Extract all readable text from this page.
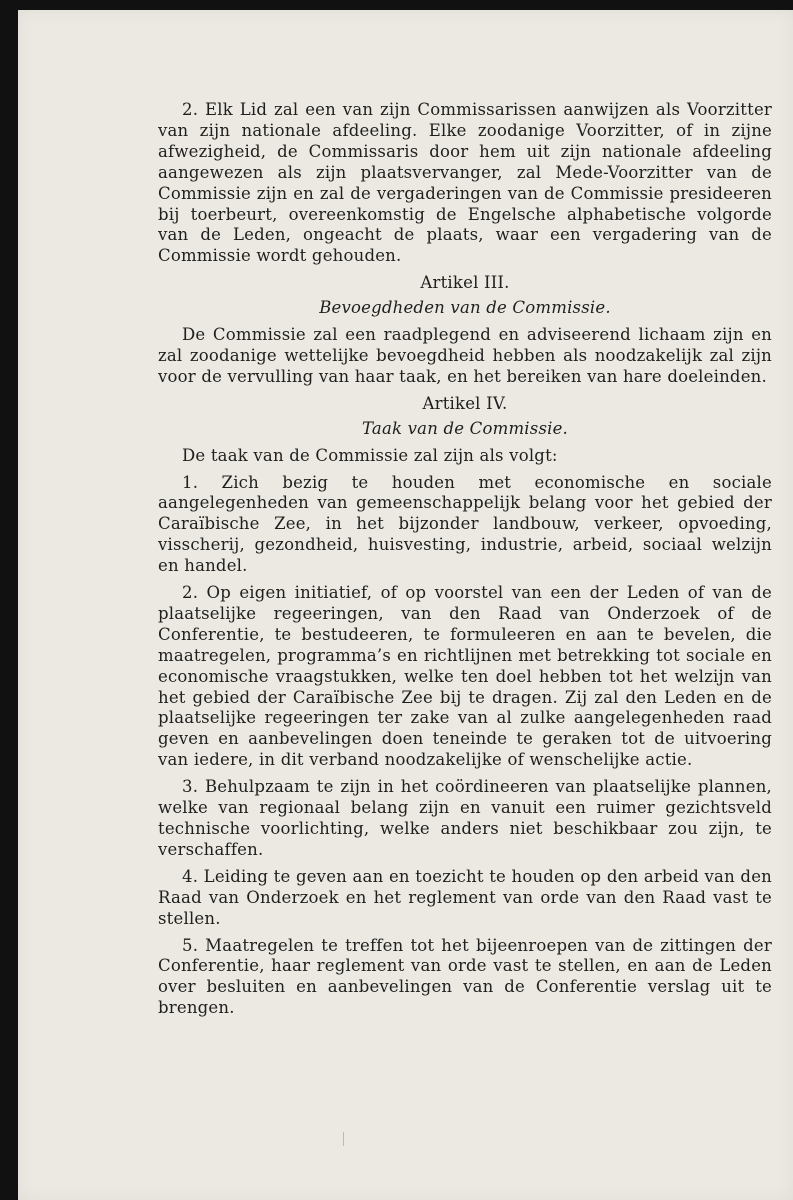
2. Elk Lid zal een van zijn Commissarissen aanwijzen als Voorzitter van zijn nationale afdeeling. Elke zoodanige Voorzitter, of in zijne afwezigheid, de Commissaris door hem uit zijn nationale afdeeling aangewezen als zijn plaatsvervanger, zal Mede-Voorzitter van de Commissie zijn en zal de vergaderingen van de Commissie presideeren bij toerbeurt, overeenkomstig de Engelsche alphabetische volgorde van de Leden, ongeacht de plaats, waar een vergadering van de Commissie wordt gehouden.

Artikel III.

Bevoegdheden van de Commissie.

De Commissie zal een raadplegend en adviseerend lichaam zijn en zal zoodanige wettelijke bevoegdheid hebben als noodzakelijk zal zijn voor de vervulling van haar taak, en het bereiken van hare doeleinden.

Artikel IV.

Taak van de Commissie.

De taak van de Commissie zal zijn als volgt:

1. Zich bezig te houden met economische en sociale aangelegenheden van gemeenschappelijk belang voor het gebied der Caraïbische Zee, in het bijzonder landbouw, verkeer, opvoeding, visscherij, gezondheid, huisvesting, industrie, arbeid, sociaal welzijn en handel.

2. Op eigen initiatief, of op voorstel van een der Leden of van de plaatselijke regeeringen, van den Raad van Onderzoek of de Conferentie, te bestudeeren, te formuleeren en aan te bevelen, die maatregelen, programma’s en richtlijnen met betrekking tot sociale en economische vraagstukken, welke ten doel hebben tot het welzijn van het gebied der Caraïbische Zee bij te dragen. Zij zal den Leden en de plaatselijke regeeringen ter zake van al zulke aangelegenheden raad geven en aanbevelingen doen teneinde te geraken tot de uitvoering van iedere, in dit verband noodzakelijke of wenschelijke actie.

3. Behulpzaam te zijn in het coördineeren van plaatselijke plannen, welke van regionaal belang zijn en vanuit een ruimer gezichtsveld technische voorlichting, welke anders niet beschikbaar zou zijn, te verschaffen.

4. Leiding te geven aan en toezicht te houden op den arbeid van den Raad van Onderzoek en het reglement van orde van den Raad vast te stellen.

5. Maatregelen te treffen tot het bijeenroepen van de zittingen der Conferentie, haar reglement van orde vast te stellen, en aan de Leden over besluiten en aanbevelingen van de Conferentie verslag uit te brengen.
